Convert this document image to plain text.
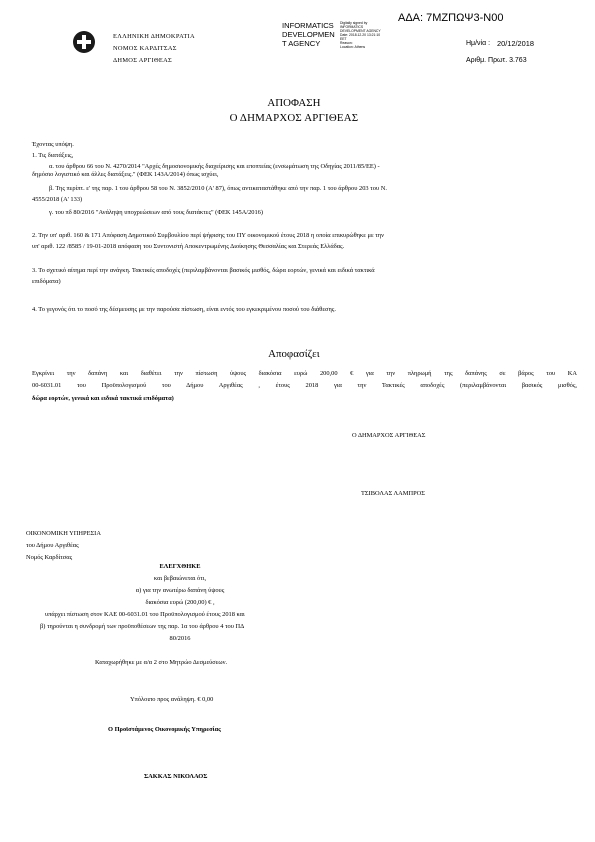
ΑΔΑ: 7ΜΖΠΩΨ3-Ν00
ΕΛΛΗΝΙΚΗ ΔΗΜΟΚΡΑΤΙΑ
ΝΟΜΟΣ ΚΑΡΔΙΤΣΑΣ
ΔΗΜΟΣ ΑΡΓΙΘΕΑΣ
INFORMATICS
DEVELOPMEN
T AGENCY
Digitally signed by
INFORMATICS
DEVELOPMENT AGENCY
Date: 2018.12.20 13:21:10
EET
Reason:
Location: Athens	Ημ/νία : 20/12/2018
Αριθμ. Πρωτ. 3.763
ΑΠΟΦΑΣΗ
Ο ΔΗΜΑΡΧΟΣ ΑΡΓΙΘΕΑΣ
Έχοντας υπόψη.
1. Τις διατάξεις,
α. του άρθρου 66 του Ν. 4270/2014 "Αρχές δημοσιονομικής διαχείρισης και εποπτείας (ενσωμάτωση της Οδηγίας 2011/85/ΕΕ) -
δημόσιο λογιστικό και άλλες διατάξεις." (ΦΕΚ 143Α/2014) όπως ισχύει,
β. Της περίπτ. ε' της παρ. 1 του άρθρου 58 του Ν. 3852/2010 (Α' 87), όπως αντικαταστάθηκε από την παρ. 1 του άρθρου 203 του Ν.
4555/2018 (Α' 133)
γ. του πδ 80/2016 "Ανάληψη υποχρεώσεων από τους διατάκτες" (ΦΕΚ 145Α/2016)
2. Την υπ' αριθ. 160 & 171 Απόφαση Δημοτικού Συμβουλίου περί ψήφισης του ΠΥ οικονομικού έτους 2018 η οποία επικυρώθηκε με την
υπ' αριθ. 122 /8585 / 19-01-2018 απόφαση του Συντονιστή Αποκεντρωμένης Διοίκησης Θεσσαλίας και Στερεάς Ελλάδας.
3. Το σχετικό αίτημα περί την ανάγκη. Τακτικές αποδοχές (περιλαμβάνονται βασικός μισθός, δώρα εορτών, γενικά και ειδικά τακτικά
επιδόματα)
4. Το γεγονός ότι το ποσό της δέσμευσης με την παρούσα πίστωση, είναι εντός του εγκεκριμένου ποσού του διάθεσης.
Αποφασίζει
Εγκρίνει την δαπάνη και διαθέτει την πίστωση ύψους διακόσια ευρώ 200,00 € για την πληρωμή της δαπάνης σε βάρος του ΚΑ
00-6031.01 του Προϋπολογισμού του Δήμου Αργιθέας , έτους 2018 για την Τακτικές αποδοχές (περιλαμβάνονται βασικός μισθός,
δώρα εορτών, γενικά και ειδικά τακτικά επιδόματα)
Ο ΔΗΜΑΡΧΟΣ ΑΡΓΙΘΕΑΣ
ΤΣΙΒΟΛΑΣ ΛΑΜΠΡΟΣ
ΟΙΚΟΝΟΜΙΚΗ ΥΠΗΡΕΣΙΑ
του Δήμου Αργιθέας
Νομός Καρδίτσας
ΕΛΕΓΧΘΗΚΕ
και βεβαιώνεται ότι,
α) για την ανωτέρω δαπάνη ύψους
διακόσια ευρώ (200,00) € ,
υπάρχει πίστωση στον ΚΑΕ 00-6031.01 του Προϋπολογισμού έτους 2018 και
β) τηρούνται η συνδρομή των προϋποθέσεων της παρ. 1α του άρθρου 4 του ΠΔ
80/2016
Καταχωρήθηκε με α/α 2 στο Μητρώο Δεσμεύσεων.
Υπόλοιπο προς ανάληψη. € 0,00
Ο Προϊστάμενος Οικονομικής Υπηρεσίας
ΣΑΚΚΑΣ ΝΙΚΟΛΑΟΣ
